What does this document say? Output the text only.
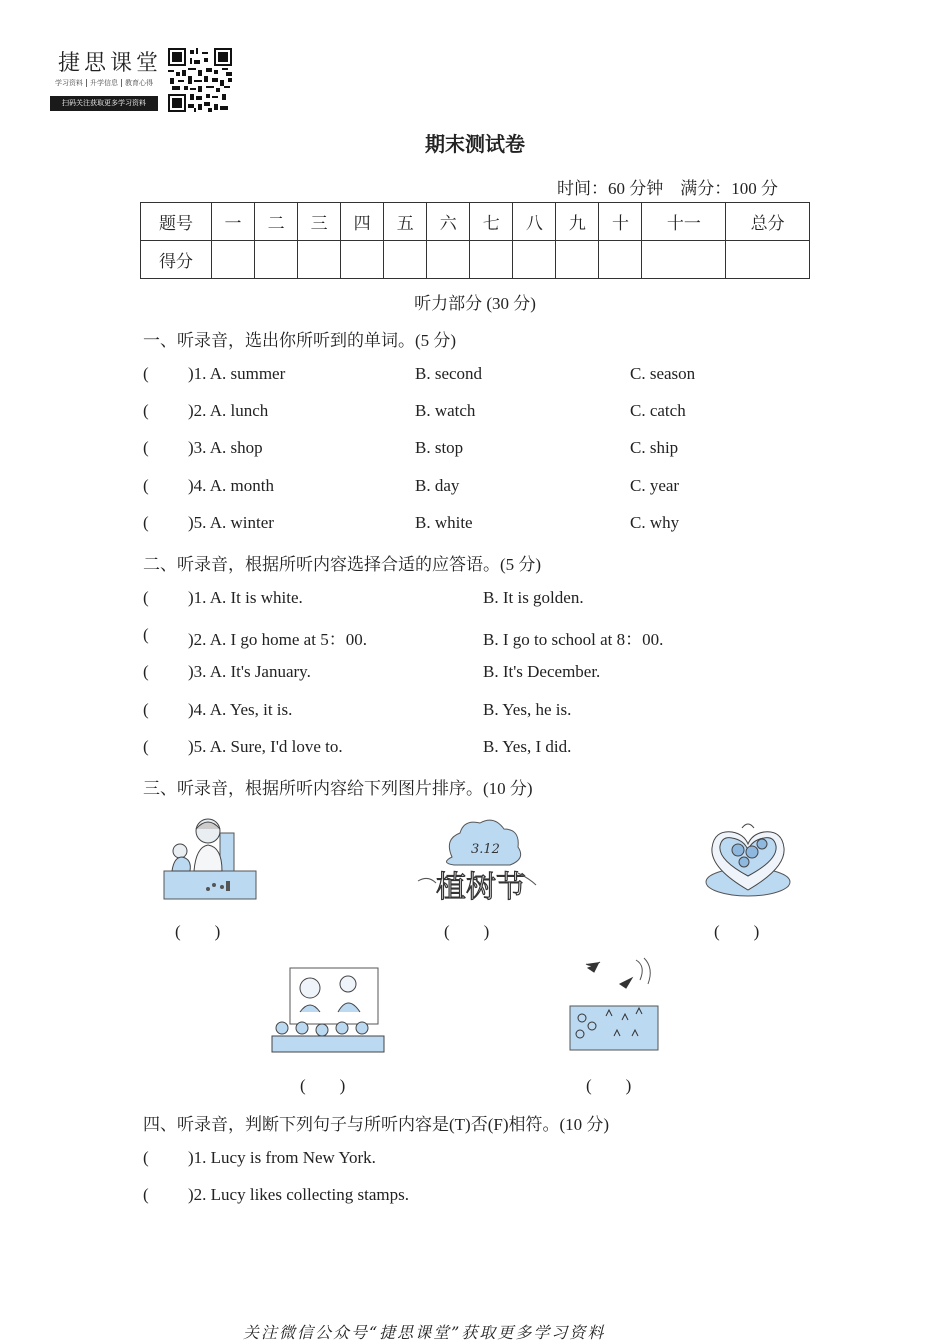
捷思课堂
学习资料 升学信息 教育心得
扫码关注获取更多学习资料
期末测试卷
时间：60 分钟　满分：100 分
题号	一	二	三	四	五	六	七	八	九	十	十一	总分
得分												
听力部分 (30 分)
一、听录音，选出你所听到的单词。(5 分)
( )1. A. summer	B. second	C. season
( )2. A. lunch	B. watch	C. catch
( )3. A. shop	B. stop	C. ship
( )4. A. month	B. day	C. year
( )5. A. winter	B. white	C. why
二、听录音，根据所听内容选择合适的应答语。(5 分)
( )1. A. It is white.	B. It is golden.
( )2. A. I go home at 5：00.	B. I go to school at 8：00.
( )3. A. It's January.	B. It's December.
( )4. A. Yes, it is.	B. Yes, he is.
( )5. A. Sure, I'd love to.	B. Yes, I did.
三、听录音，根据所听内容给下列图片排序。(10 分)
(　　)
3.12
植树节
(　　)	(　　)
(　　)	(　　)
四、听录音，判断下列句子与所听内容是(T)否(F)相符。(10 分)
( )1. Lucy is from New York.
( )2. Lucy likes collecting stamps.
关注微信公众号“捷思课堂”获取更多学习资料
